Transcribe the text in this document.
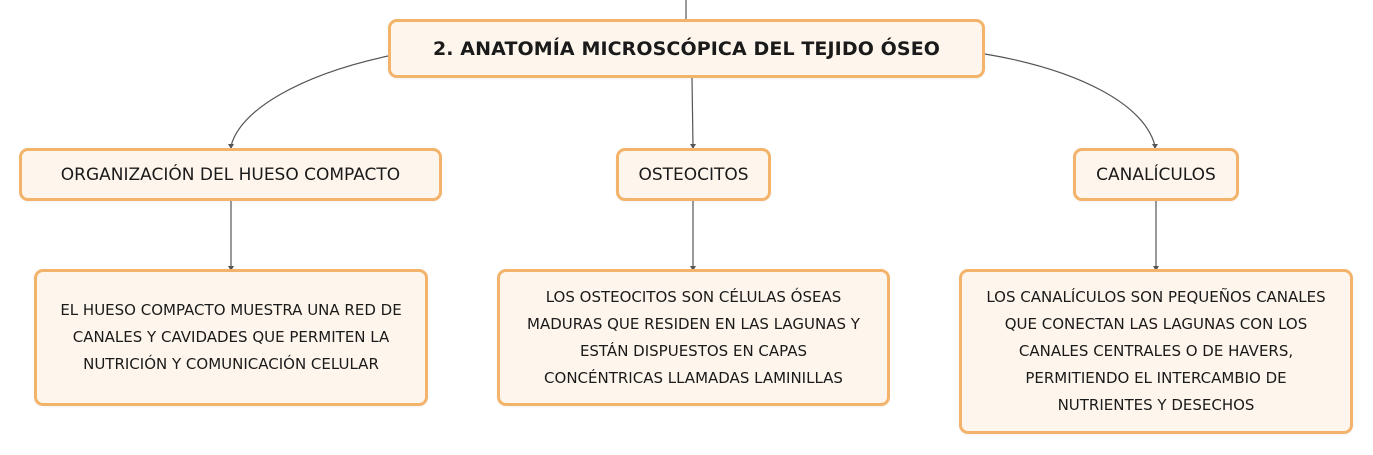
2. ANATOMÍA MICROSCÓPICA DEL TEJIDO ÓSEO
ORGANIZACIÓN DEL HUESO COMPACTO	OSTEOCITOS	CANALÍCULOS
EL HUESO COMPACTO MUESTRA UNA RED DE
CANALES Y CAVIDADES QUE PERMITEN LA
NUTRICIÓN Y COMUNICACIÓN CELULAR
LOS OSTEOCITOS SON CÉLULAS ÓSEAS
MADURAS QUE RESIDEN EN LAS LAGUNAS Y
ESTÁN DISPUESTOS EN CAPAS
CONCÉNTRICAS LLAMADAS LAMINILLAS
LOS CANALÍCULOS SON PEQUEÑOS CANALES
QUE CONECTAN LAS LAGUNAS CON LOS
CANALES CENTRALES O DE HAVERS,
PERMITIENDO EL INTERCAMBIO DE
NUTRIENTES Y DESECHOS
